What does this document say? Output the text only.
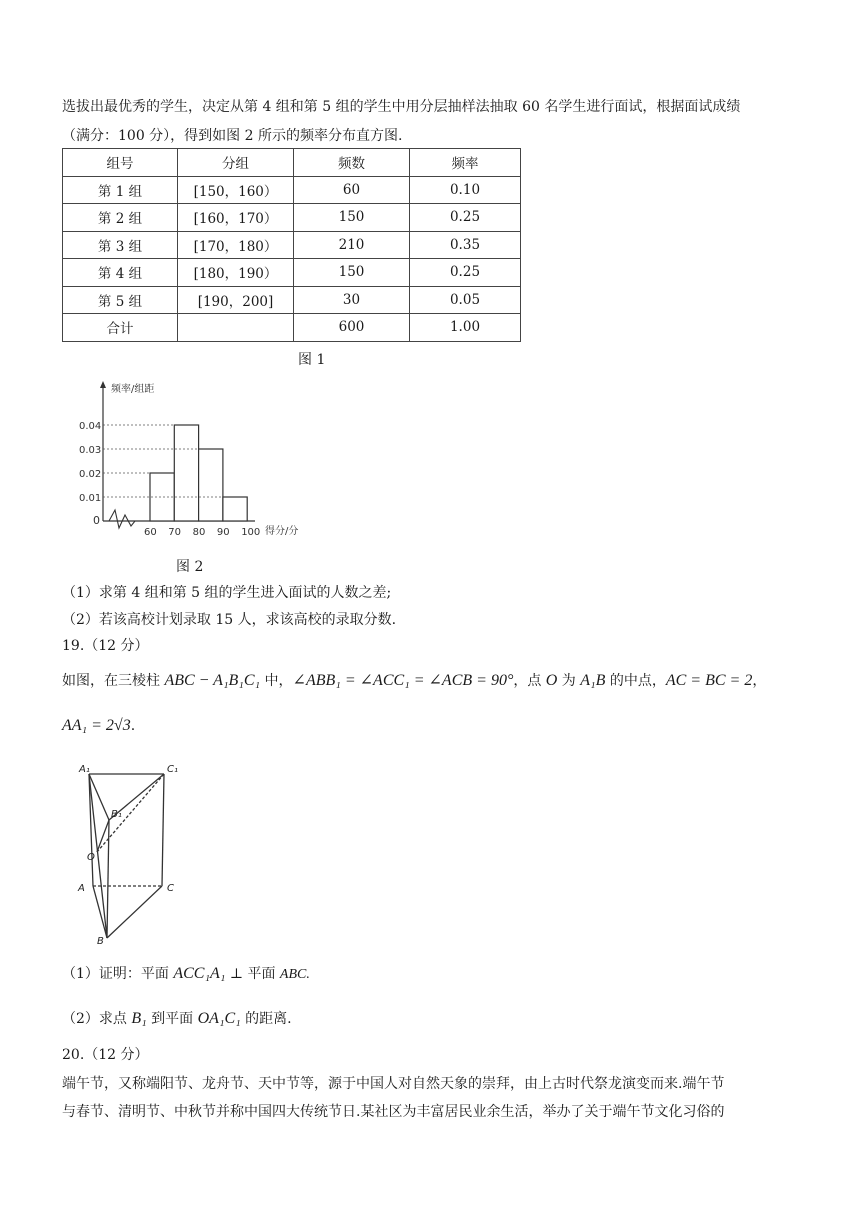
选拔出最优秀的学生，决定从第 4 组和第 5 组的学生中用分层抽样法抽取 60 名学生进行面试，根据面试成绩
（满分：100 分），得到如图 2 所示的频率分布直方图.
组号	分组	频数	频率
第 1 组	[150，160）	60	0.10
第 2 组	[160，170）	150	0.25
第 3 组	[170，180）	210	0.35
第 4 组	[180，190）	150	0.25
第 5 组	[190，200]	30	0.05
合计		600	1.00
图 1
频率/组距
得分/分
0
0.04
0.03
0.02
0.01
60 70 80 90 100
图 2
（1）求第 4 组和第 5 组的学生进入面试的人数之差;
（2）若该高校计划录取 15 人，求该高校的录取分数.
19.（12 分）
如图，在三棱柱 ABC − A₁B₁C₁ 中，∠ABB₁ = ∠ACC₁ = ∠ACB = 90°，点 O 为 A₁B 的中点，AC = BC = 2，
AA₁ = 2√3.
A₁	C₁
B₁
O
A	C
B
（1）证明：平面 ACC₁A₁ ⊥ 平面 ABC.
（2）求点 B₁ 到平面 OA₁C₁ 的距离.
20.（12 分）
端午节，又称端阳节、龙舟节、天中节等，源于中国人对自然天象的崇拜，由上古时代祭龙演变而来.端午节
与春节、清明节、中秋节并称中国四大传统节日.某社区为丰富居民业余生活，举办了关于端午节文化习俗的
